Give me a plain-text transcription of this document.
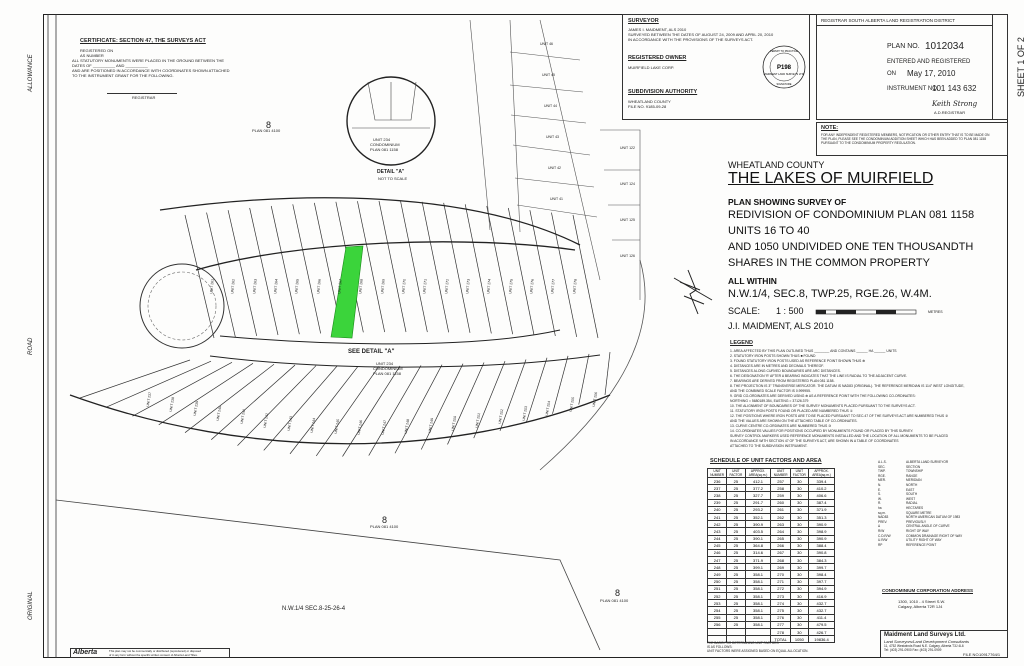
ALLOWANCE
ROAD
ORIGINAL
8
PLAN 081 4100
8
PLAN 081 4100
8
PLAN 081 4100
N.W.1/4 SEC.8-25-26-4
SEE DETAIL "A"
DETAIL "A"
NOT TO SCALE
UNIT 234
CONDOMINIUM
PLAN 081 1158
UNIT 234
CONDOMINIUM
PLAN 081 1158
UNIT 261	UNIT 262	UNIT 263	UNIT 264	UNIT 265	UNIT 266	UNIT 267	UNIT 268	UNIT 269	UNIT 270	UNIT 271	UNIT 272	UNIT 273	UNIT 274	UNIT 275	UNIT 276	UNIT 277	UNIT 278
UNIT 237	UNIT 238	UNIT 239	UNIT 240	UNIT 241	UNIT 242	UNIT 243	UNIT 244	UNIT 245	UNIT 246	UNIT 247	UNIT 248	UNIT 249	UNIT 250	UNIT 251	UNIT 252	UNIT 253	UNIT 254	UNIT 255	UNIT 256
UNIT 46
UNIT 45
UNIT 44
UNIT 43
UNIT 42
UNIT 41
UNIT 122
UNIT 124
UNIT 125
UNIT 126
CERTIFICATE: SECTION 47, THE SURVEYS ACT
REGISTERED ON
AS NUMBER
ALL STATUTORY MONUMENTS WERE PLACED IN THE GROUND BETWEEN THE
DATES OF __________ AND __________
AND ARE POSITIONED IN ACCORDANCE WITH COORDINATES SHOWN ATTACHED
TO THE INSTRUMENT GRANT FOR THE FOLLOWING.
REGISTRAR
SURVEYOR
JAMES I. MAIDMENT, ALS 2010
SURVEYED BETWEEN THE DATES OF AUGUST 24, 2009 AND APRIL 20, 2010
IN ACCORDANCE WITH THE PROVISIONS OF THE SURVEYS ACT.
REGISTERED OWNER
MUIRFIELD LAKE CORP.
SUBDIVISION AUTHORITY
WHEATLAND COUNTY
FILE NO. 9185-09-28
P198
MAIDMENT LAND SURVEYS LTD.
PERMIT TO PRACTICE
SIGNATURE
REGISTRAR SOUTH ALBERTA LAND REGISTRATION DISTRICT
PLAN NO. 1012034
ENTERED AND REGISTERED
ON May 17, 2010
INSTRUMENT NO.
101 143 632
Keith Strong
A.D.REGISTRAR
SHEET 1 OF 2
NOTE:
FOR ANY INDEPENDENT REGISTERED MEMBERS, NOTIFICATION OR OTHER ENTRY THAT IS TO BE MADE ON
THE PLAN, PLEASE SEE THE CONDOMINIUM ADDITION SHEET WHICH HAS BEEN ADDED TO PLAN 081 1158
PURSUANT TO THE CONDOMINIUM PROPERTY REGULATION.
WHEATLAND COUNTY
THE LAKES OF MUIRFIELD
PLAN SHOWING SURVEY OF
REDIVISION OF CONDOMINIUM PLAN 081 1158
UNITS 16 TO 40
AND 1050 UNDIVIDED ONE TEN THOUSANDTH
SHARES IN THE COMMON PROPERTY
ALL WITHIN
N.W.1/4, SEC.8, TWP.25, RGE.26, W.4M.
SCALE: 1 : 500	METRES
J.I. MAIDMENT, ALS 2010
LEGEND
1. AREA AFFECTED BY THIS PLAN OUTLINED THUS ________ AND CONTAINS ______ HA ______ UNITS
2. STATUTORY IRON POSTS SHOWN THUS ■ FOUND
3. FOUND STATUTORY IRON POSTS USED AS REFERENCE POINT SHOWN THUS ⊕
4. DISTANCES ARE IN METRES AND DECIMALS THEREOF.
5. DISTANCES ALONG CURVED BOUNDARIES ARE ARC DISTANCES.
6. THE DESIGNATION 'R' AFTER A BEARING INDICATES THAT THE LINE IS RADIAL TO THE ADJACENT CURVE.
7. BEARINGS ARE DERIVED FROM REGISTERED PLAN 081 1158.
8. THE PROJECTION IS 3° TRANSVERSE MERCATOR. THE DATUM IS NAD83 (ORIGINAL). THE REFERENCE MERIDIAN IS 114° WEST LONGITUDE,
AND THE COMBINED SCALE FACTOR IS 0.999955.
9. GRID CO-ORDINATES ARE DERIVED USING ⊕ AS A REFERENCE POINT WITH THE FOLLOWING CO-ORDINATES:
NORTHING = 5680189.354, EASTING = 37126.379
10. THE ALIGNMENT OF BOUNDARIES OF THE SURVEY MONUMENTS PLACED PURSUANT TO THE SURVEYS ACT.
11. STATUTORY IRON POSTS FOUND OR PLACED ARE NUMBERED THUS ①
12. THE POSITIONS WHERE IRON POSTS ARE TO BE PLACED PURSUANT TO SEC.47 OF THE SURVEYS ACT ARE NUMBERED THUS ②
AND THE VALUES ARE SHOWN ON THE ATTACHED TABLE OF CO-ORDINATES.
13. CURVE CENTRE CO-ORDINATES ARE NUMBERED THUS ③
14. CO-ORDINATES VALUES FOR POSITIONS OCCUPIED BY MONUMENTS FOUND OR PLACED BY THIS SURVEY.
SURVEY CONTROL MARKERS USED REFERENCE MONUMENTS INSTALLED AND THE LOCATION OF ALL MONUMENTS TO BE PLACED
IN ACCORDANCE WITH SECTION 47 OF THE SURVEYS ACT, ARE SHOWN IN A TABLE OF COORDINATES
ATTACHED TO THE SUBDIVISION INSTRUMENT.
A.L.S.	ALBERTA LAND SURVEYOR
SEC.	SECTION
TWP.	TOWNSHIP
RGE.	RANGE
MER.	MERIDIAN
N.	NORTH
E.	EAST
S.	SOUTH
W.	WEST
R.	RADIAL
ha	HECTARES
sq.m.	SQUARE METRE
NAD83	NORTH AMERICAN DATUM OF 1983
PREV.	PREVIOUSLY
Δ	CENTRAL ANGLE OF CURVE
R/W	RIGHT OF WAY
C.D.R/W	COMMON DRAINAGE RIGHT OF WAY
U.R/W	UTILITY RIGHT OF WAY
RP	REFERENCE POINT
SCHEDULE OF UNIT FACTORS AND AREA
UNIT NUMBER	UNIT FACTOR	APPROX. AREA(sq.m.)	UNIT NUMBER	UNIT FACTOR	APPROX. AREA(sq.m.)
236	25	412.1	257	30	339.4
237	25	377.2	258	30	410.2
238	25	327.7	259	30	406.6
239	25	291.7	260	30	387.4
240	25	293.2	261	30	371.9
241	25	352.1	262	30	351.3
242	25	390.9	263	30	390.9
243	25	403.5	264	30	398.9
244	25	390.1	265	30	390.9
245	25	364.8	266	30	388.4
246	25	314.6	267	30	390.8
247	25	371.9	268	30	384.3
248	25	399.1	269	30	399.7
249	25	358.1	270	30	398.4
250	25	358.1	271	30	397.7
251	25	358.1	272	30	394.9
252	25	358.1	273	30	416.9
253	25	358.1	274	30	432.7
254	25	358.1	275	30	432.7
255	25	358.1	276	30	411.4
256	25	358.1	277	30	479.5
			278	30	426.7
			TOTAL	1050	19836.4
THE BASIS FOR DETERMINING UNIT FACTORS
IS AS FOLLOWS:
UNIT FACTORS WERE ASSIGNED BASED ON EQUAL ALLOCATION.
CONDOMINIUM CORPORATION ADDRESS
1300, 1010 - 4 Street S.W.
Calgary, Alberta T2R 1J4
Maidment Land Surveys Ltd.
Land Surveyors/Land Development Consultants
11, 4752 Westwinds Road N.E. Calgary, Alberta T3J 4L6
Tel: (403) 291-0900 Fax: (403) 291-0909
FILE NO. 10917764/1
Alberta	This plan may not be commercially or distributed (reproduced) or disposed
of in any form without the specific written consent of Alberta Land Titles.
